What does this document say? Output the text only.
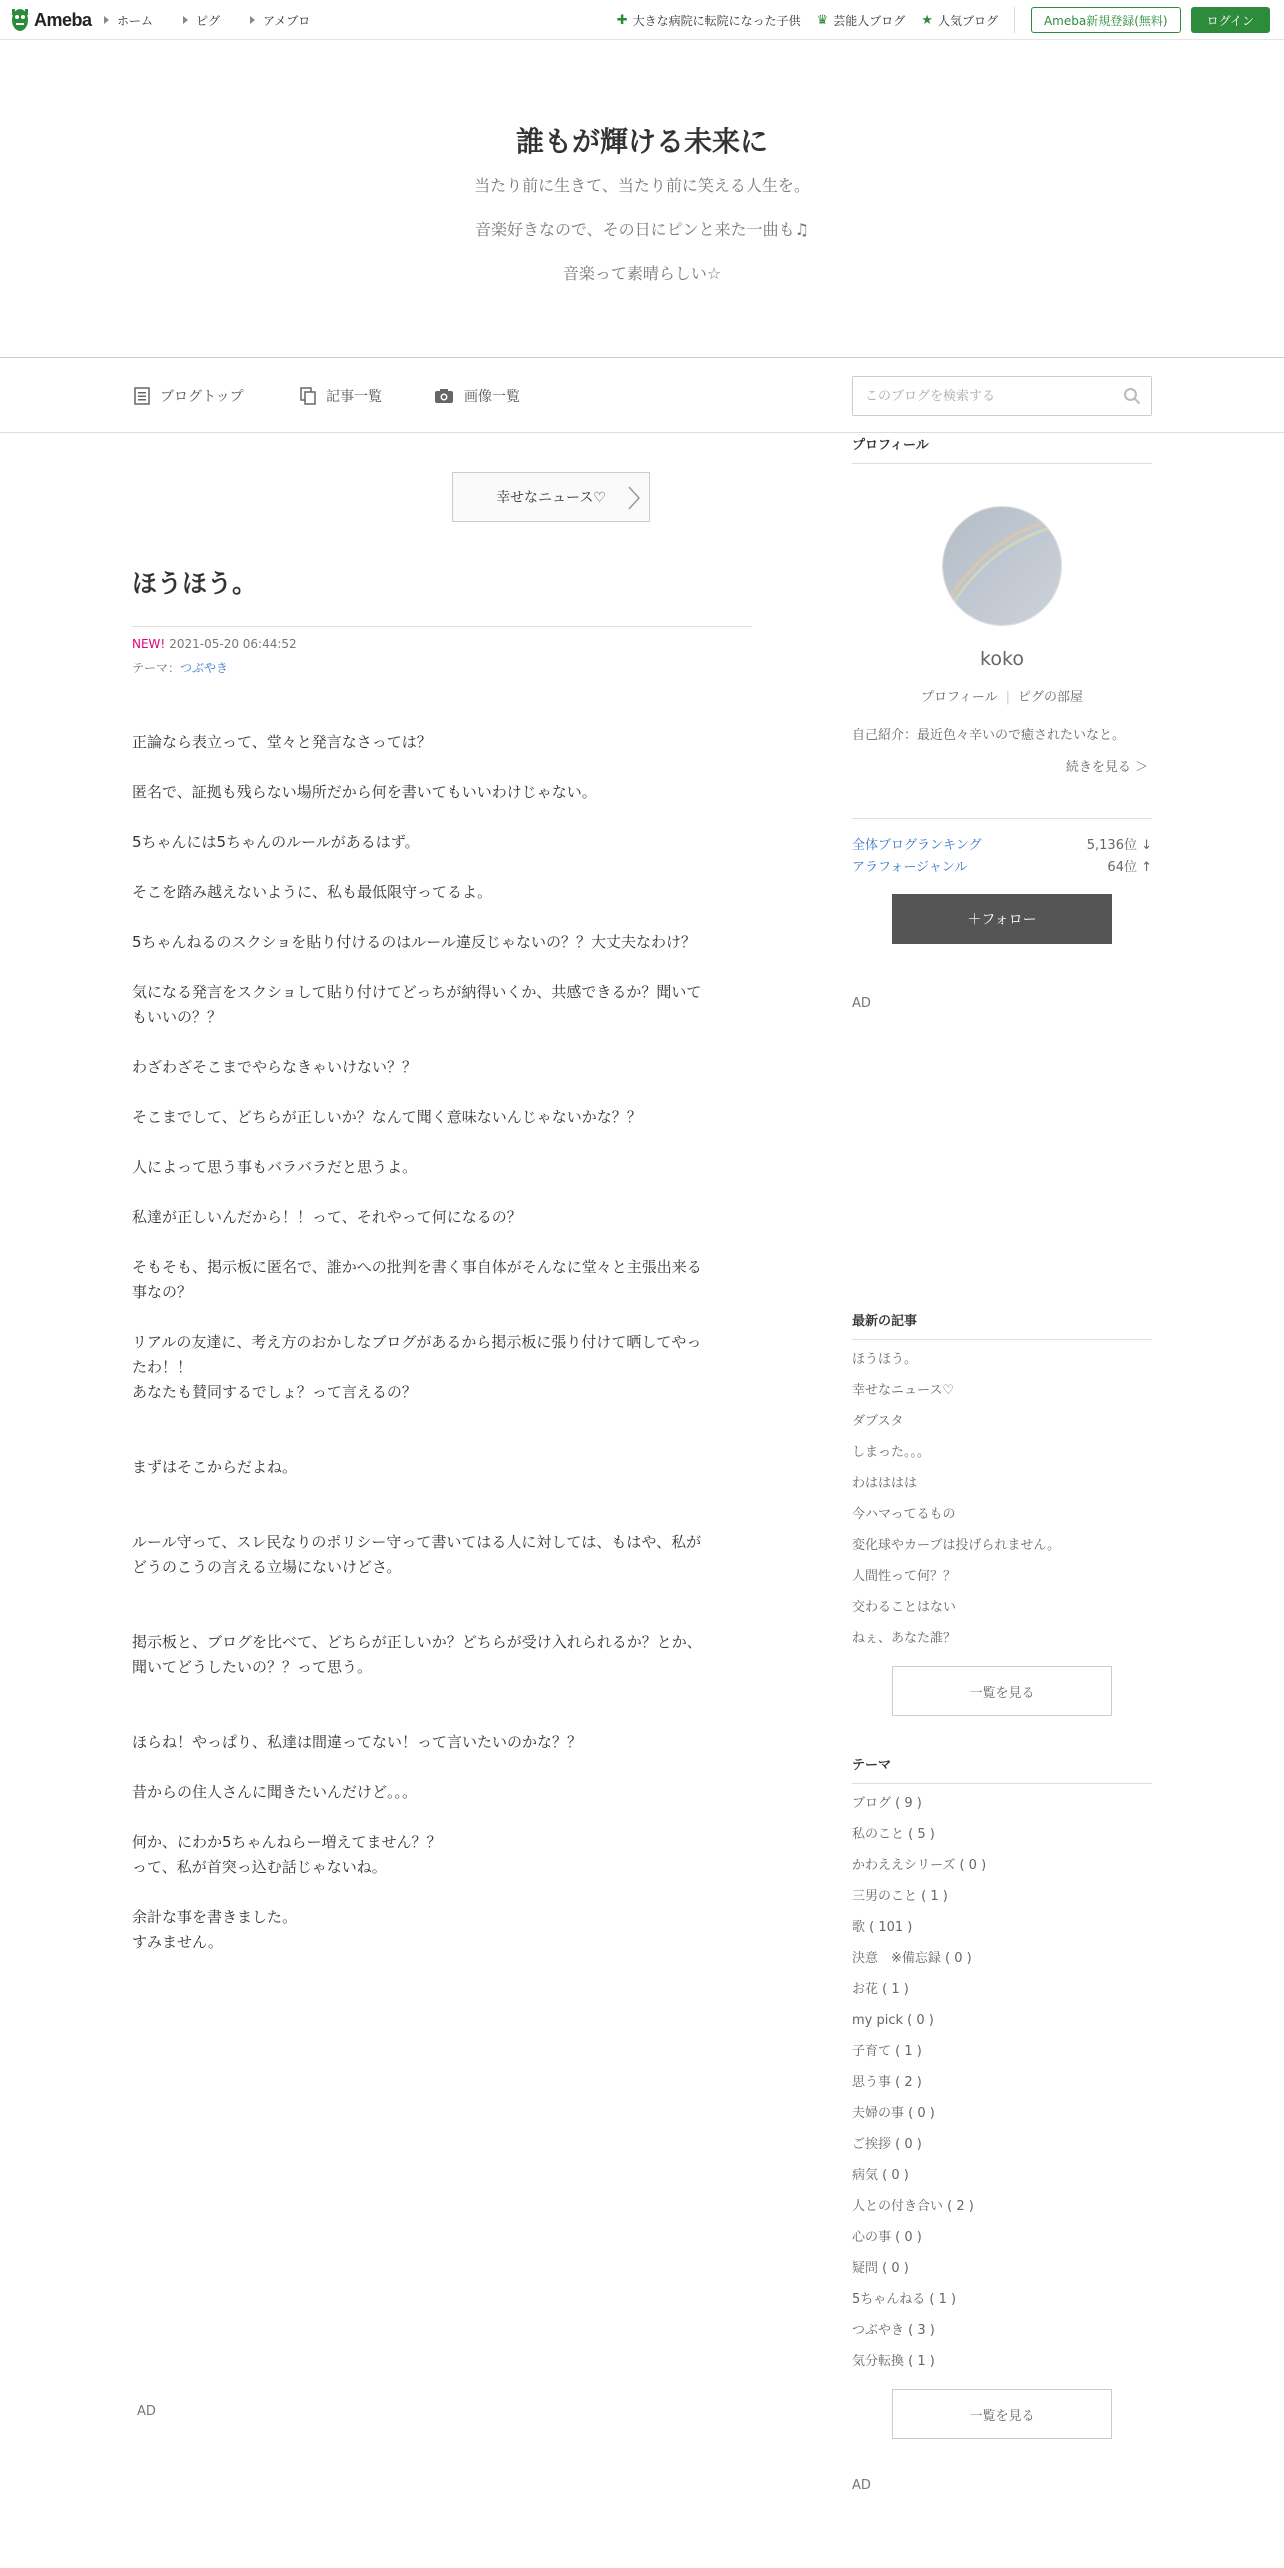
Ameba ホーム	ピグ	アメブロ	✚ 大きな病院に転院になった子供 ♛ 芸能人ブログ ★ 人気ブログ	Ameba新規登録(無料)	ログイン
誰もが輝ける未来に
当たり前に生きて、当たり前に笑える人生を。
音楽好きなので、その日にピンと来た一曲も♫
音楽って素晴らしい☆
ブログトップ	記事一覧	画像一覧
このブログを検索する
幸せなニュース♡
ほうほう。
NEW! 2021-05-20 06:44:52
テーマ：つぶやき
正論なら表立って、堂々と発言なさっては？
匿名で、証拠も残らない場所だから何を書いてもいいわけじゃない。
5ちゃんには5ちゃんのルールがあるはず。
そこを踏み越えないように、私も最低限守ってるよ。
5ちゃんねるのスクショを貼り付けるのはルール違反じゃないの？？大丈夫なわけ？
気になる発言をスクショして貼り付けてどっちが納得いくか、共感できるか？聞いて
もいいの？？
わざわざそこまでやらなきゃいけない？？
そこまでして、どちらが正しいか？なんて聞く意味ないんじゃないかな？？
人によって思う事もバラバラだと思うよ。
私達が正しいんだから！！って、それやって何になるの？
そもそも、掲示板に匿名で、誰かへの批判を書く事自体がそんなに堂々と主張出来る
事なの？
リアルの友達に、考え方のおかしなブログがあるから掲示板に張り付けて晒してやっ
たわ！！
あなたも賛同するでしょ？って言えるの？
まずはそこからだよね。
ルール守って、スレ民なりのポリシー守って書いてはる人に対しては、もはや、私が
どうのこうの言える立場にないけどさ。
掲示板と、ブログを比べて、どちらが正しいか？どちらが受け入れられるか？とか、
聞いてどうしたいの？？って思う。
ほらね！やっぱり、私達は間違ってない！って言いたいのかな？？
昔からの住人さんに聞きたいんだけど。。。
何か、にわか5ちゃんねらー増えてません？？
って、私が首突っ込む話じゃないね。
余計な事を書きました。
すみません。
AD
プロフィール
koko
プロフィール | ピグの部屋
自己紹介：最近色々辛いので癒されたいなと。
続きを見る ＞
全体ブログランキング	5,136位 ↓
アラフォージャンル	64位 ↑
＋フォロー
AD
最新の記事
ほうほう。
幸せなニュース♡
ダブスタ
しまった。。。
わはははは
今ハマってるもの
変化球やカーブは投げられません。
人間性って何？？
交わることはない
ねぇ、あなた誰？
一覧を見る
テーマ
ブログ ( 9 )
私のこと ( 5 )
かわええシリーズ ( 0 )
三男のこと ( 1 )
歌 ( 101 )
決意　※備忘録 ( 0 )
お花 ( 1 )
my pick ( 0 )
子育て ( 1 )
思う事 ( 2 )
夫婦の事 ( 0 )
ご挨拶 ( 0 )
病気 ( 0 )
人との付き合い ( 2 )
心の事 ( 0 )
疑問 ( 0 )
5ちゃんねる ( 1 )
つぶやき ( 3 )
気分転換 ( 1 )
一覧を見る
AD
